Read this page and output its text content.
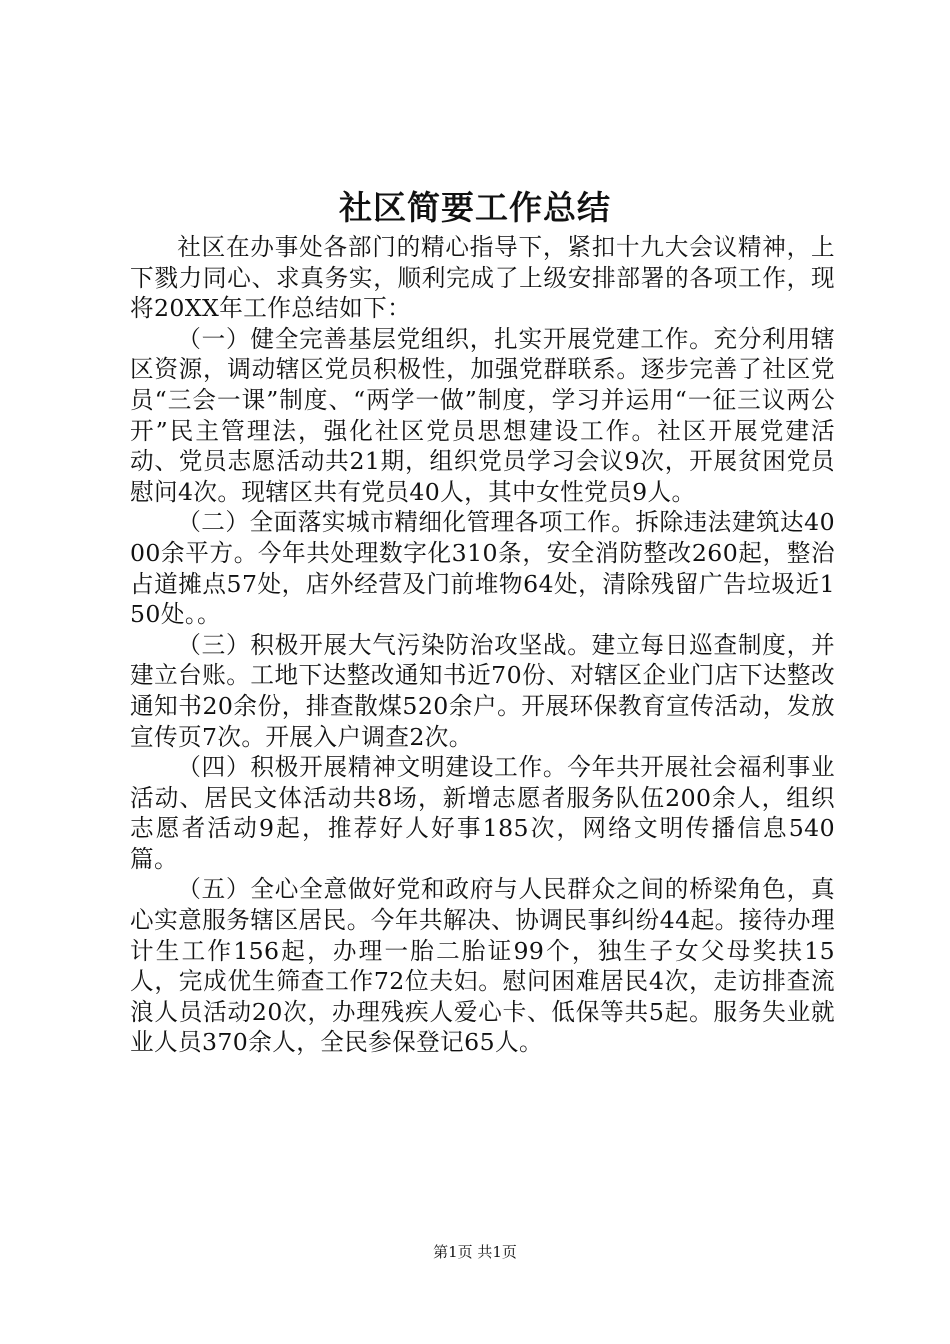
社区简要工作总结

社区在办事处各部门的精心指导下，紧扣十九大会议精神，上下戮力同心、求真务实，顺利完成了上级安排部署的各项工作，现将20XX年工作总结如下：

（一）健全完善基层党组织，扎实开展党建工作。充分利用辖区资源，调动辖区党员积极性，加强党群联系。逐步完善了社区党员“三会一课”制度、“两学一做”制度，学习并运用“一征三议两公开”民主管理法，强化社区党员思想建设工作。社区开展党建活动、党员志愿活动共21期，组织党员学习会议9次，开展贫困党员慰问4次。现辖区共有党员40人，其中女性党员9人。

（二）全面落实城市精细化管理各项工作。拆除违法建筑达4000余平方。今年共处理数字化310条，安全消防整改260起，整治占道摊点57处，店外经营及门前堆物64处，清除残留广告垃圾近150处。。

（三）积极开展大气污染防治攻坚战。建立每日巡查制度，并建立台账。工地下达整改通知书近70份、对辖区企业门店下达整改通知书20余份，排查散煤520余户。开展环保教育宣传活动，发放宣传页7次。开展入户调查2次。

（四）积极开展精神文明建设工作。今年共开展社会福利事业活动、居民文体活动共8场，新增志愿者服务队伍200余人，组织志愿者活动9起，推荐好人好事185次，网络文明传播信息540篇。

（五）全心全意做好党和政府与人民群众之间的桥梁角色，真心实意服务辖区居民。今年共解决、协调民事纠纷44起。接待办理计生工作156起，办理一胎二胎证99个，独生子女父母奖扶15人，完成优生筛查工作72位夫妇。慰问困难居民4次，走访排查流浪人员活动20次，办理残疾人爱心卡、低保等共5起。服务失业就业人员370余人，全民参保登记65人。

第1页 共1页
